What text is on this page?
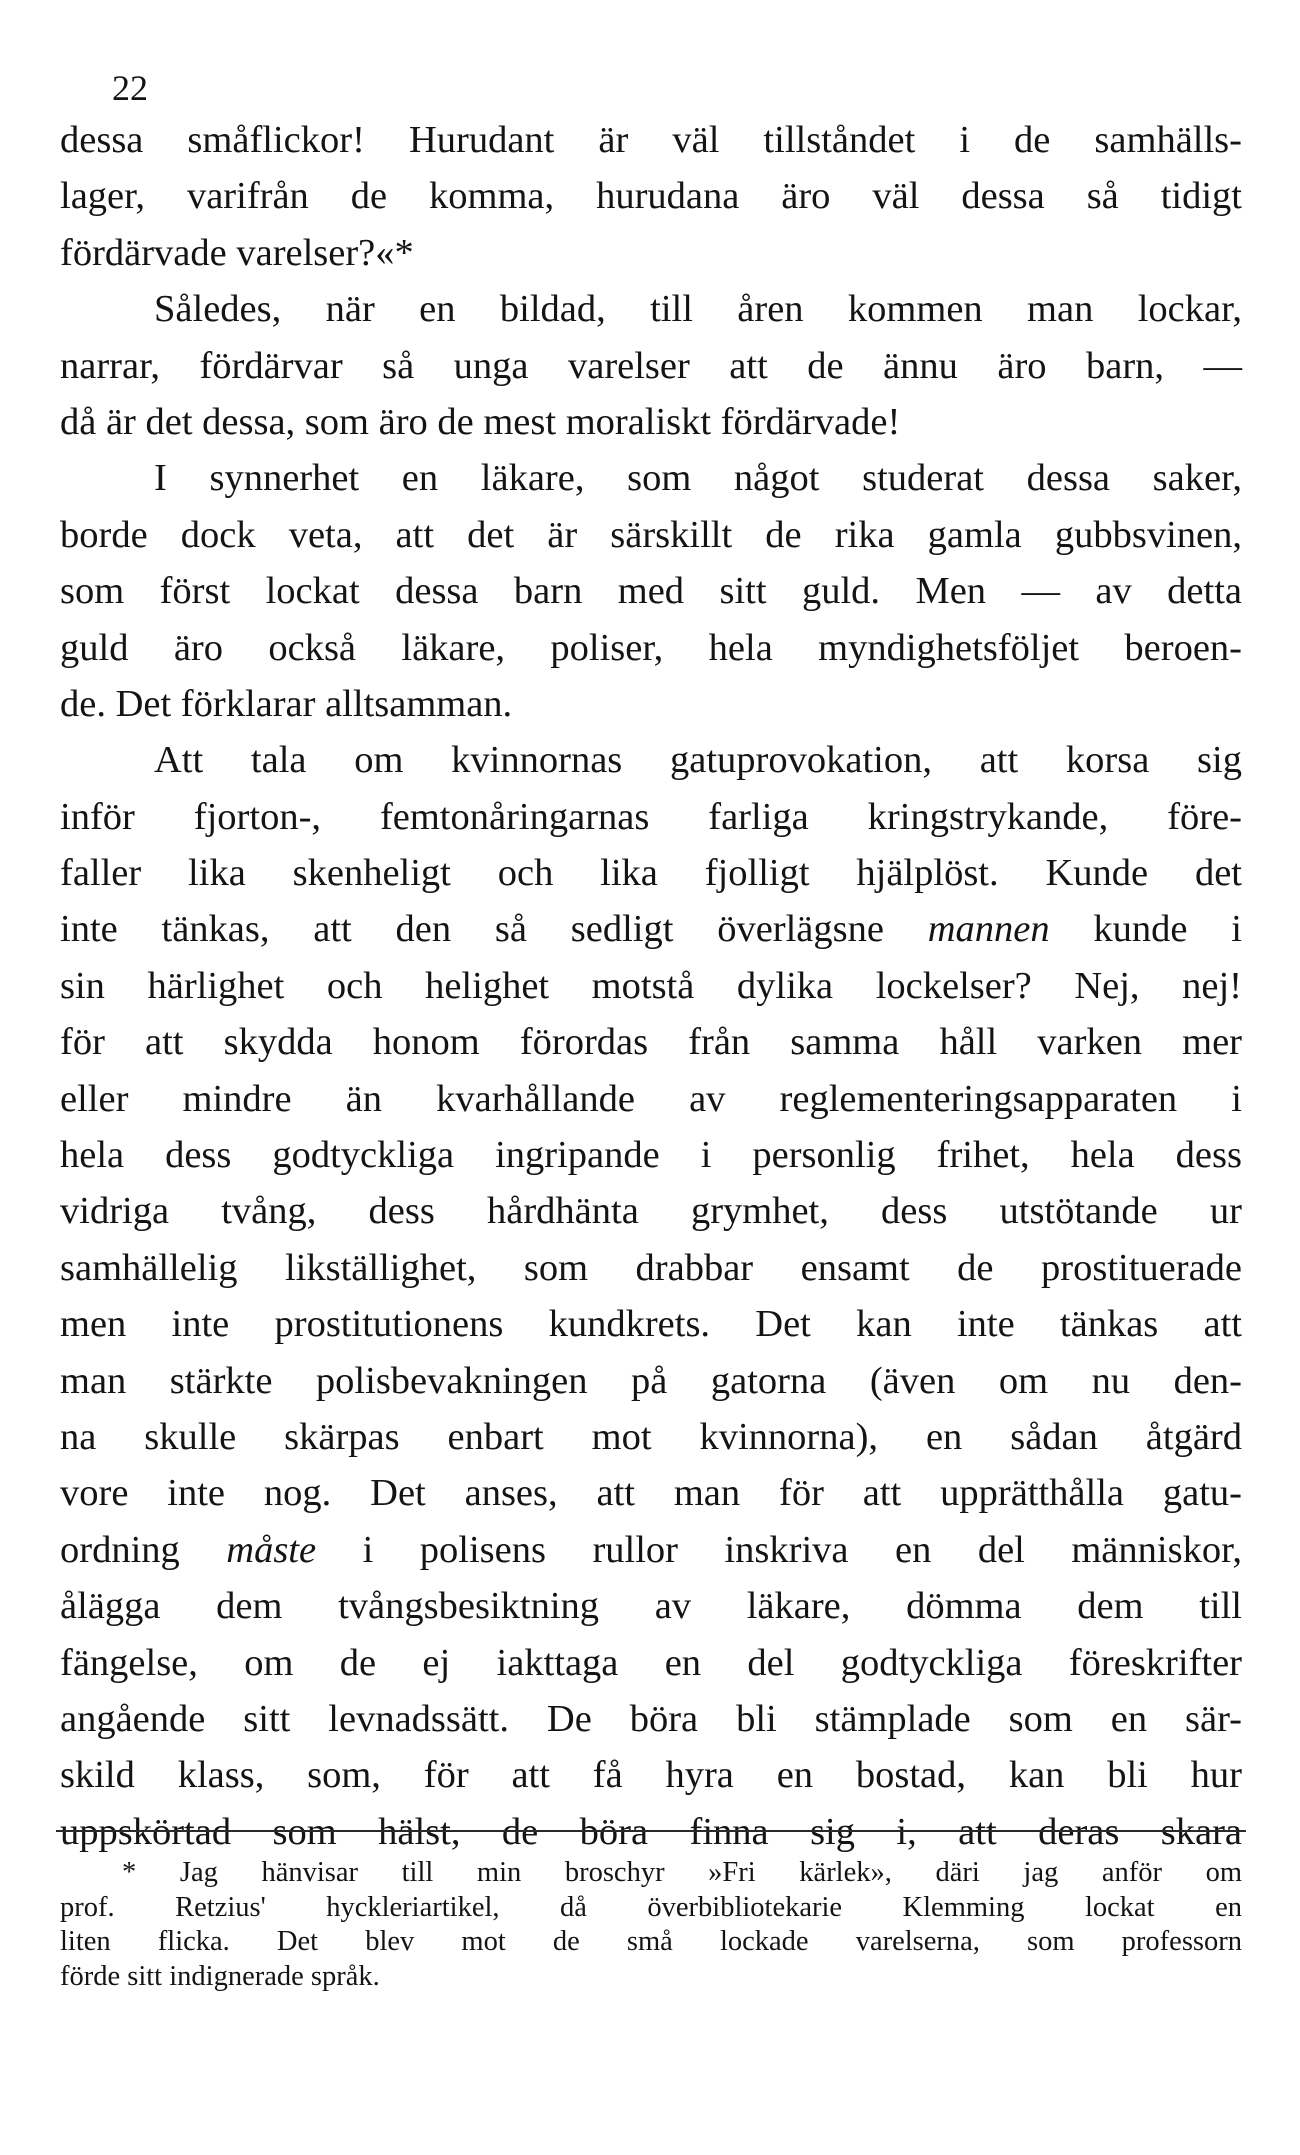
22
dessa småflickor! Hurudant är väl tillståndet i de samhälls-
lager, varifrån de komma, hurudana äro väl dessa så tidigt
fördärvade varelser?«*
Således, när en bildad, till åren kommen man lockar,
narrar, fördärvar så unga varelser att de ännu äro barn, —
då är det dessa, som äro de mest moraliskt fördärvade!
I synnerhet en läkare, som något studerat dessa saker,
borde dock veta, att det är särskillt de rika gamla gubbsvinen,
som först lockat dessa barn med sitt guld. Men — av detta
guld äro också läkare, poliser, hela myndighetsföljet beroen-
de. Det förklarar alltsamman.
Att tala om kvinnornas gatuprovokation, att korsa sig
inför fjorton-, femtonåringarnas farliga kringstrykande, före-
faller lika skenheligt och lika fjolligt hjälplöst. Kunde det
inte tänkas, att den så sedligt överlägsne mannen kunde i
sin härlighet och helighet motstå dylika lockelser? Nej, nej!
för att skydda honom förordas från samma håll varken mer
eller mindre än kvarhållande av reglementeringsapparaten i
hela dess godtyckliga ingripande i personlig frihet, hela dess
vidriga tvång, dess hårdhänta grymhet, dess utstötande ur
samhällelig likställighet, som drabbar ensamt de prostituerade
men inte prostitutionens kundkrets. Det kan inte tänkas att
man stärkte polisbevakningen på gatorna (även om nu den-
na skulle skärpas enbart mot kvinnorna), en sådan åtgärd
vore inte nog. Det anses, att man för att upprätthålla gatu-
ordning måste i polisens rullor inskriva en del människor,
ålägga dem tvångsbesiktning av läkare, dömma dem till
fängelse, om de ej iakttaga en del godtyckliga föreskrifter
angående sitt levnadssätt. De böra bli stämplade som en sär-
skild klass, som, för att få hyra en bostad, kan bli hur
uppskörtad som hälst, de böra finna sig i, att deras skara
* Jag hänvisar till min broschyr »Fri kärlek», däri jag anför om
prof. Retzius' hyckleriartikel, då överbibliotekarie Klemming lockat en
liten flicka. Det blev mot de små lockade varelserna, som professorn
förde sitt indignerade språk.
